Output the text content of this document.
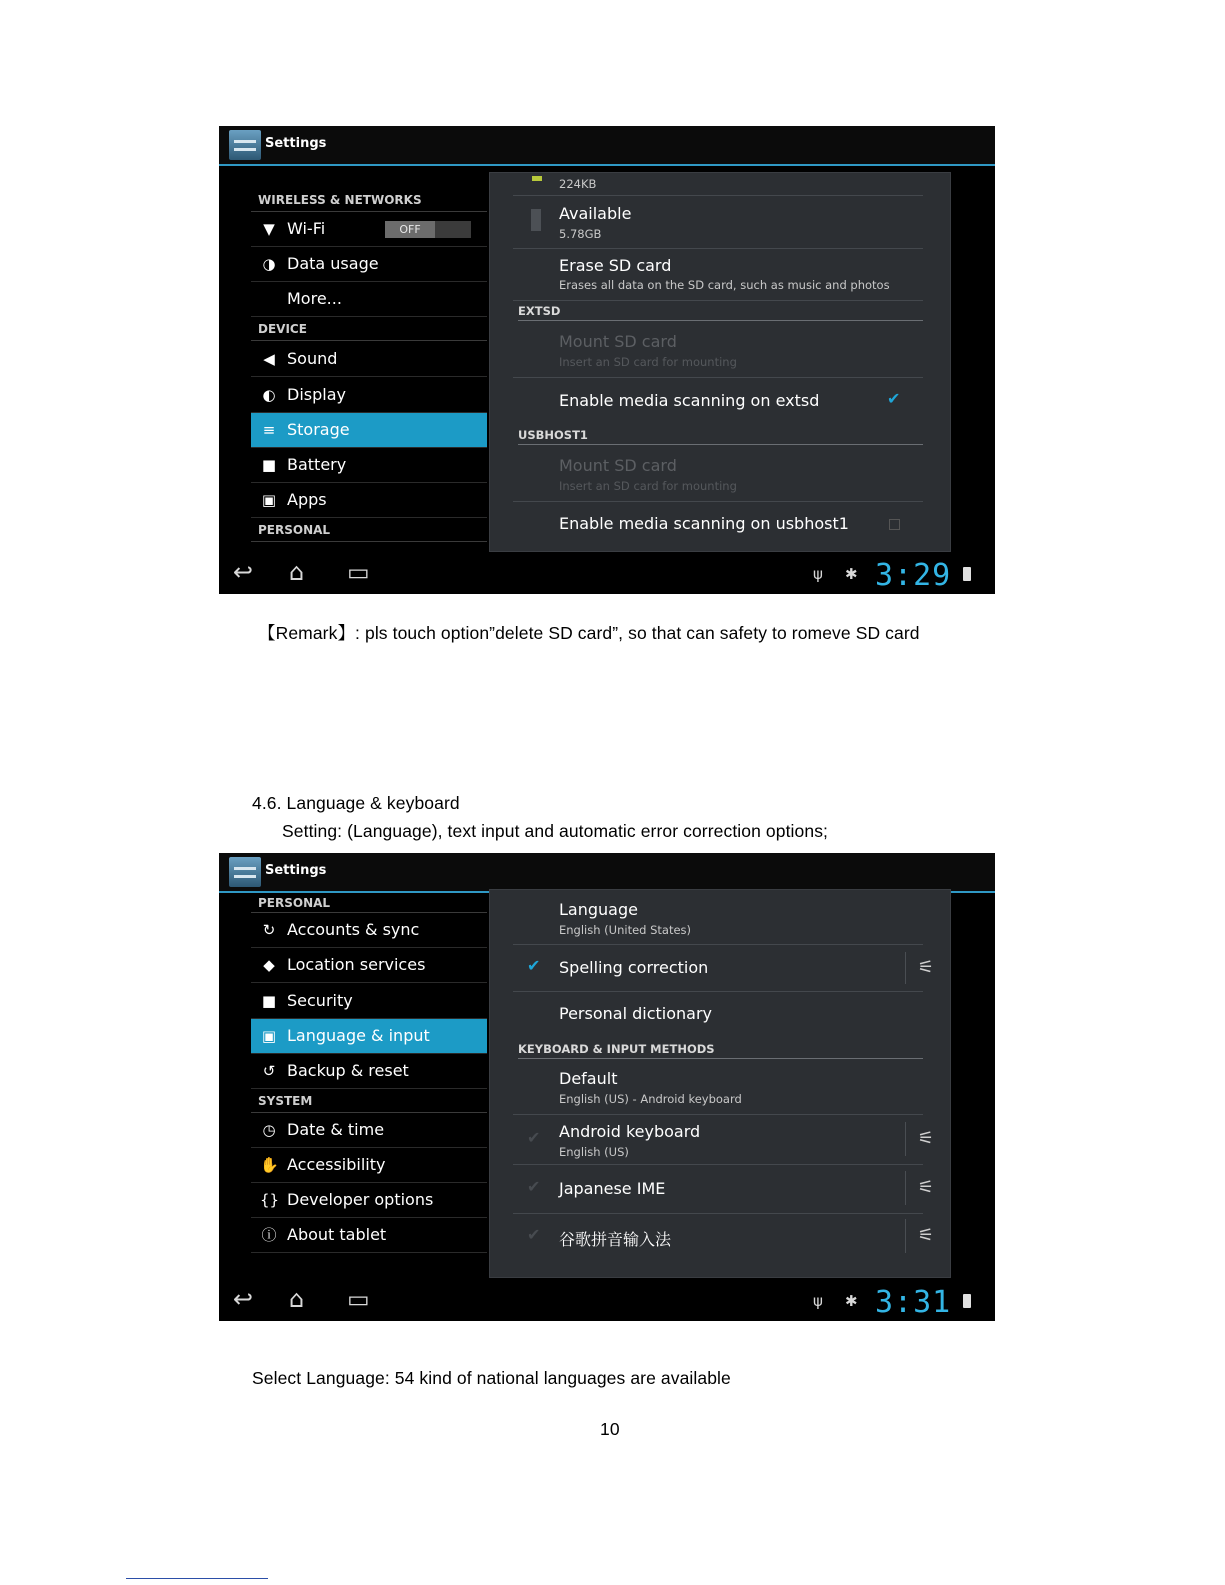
Settings
WIRELESS & NETWORKS
▼ Wi-Fi	OFF
◑ Data usage
More...
DEVICE
◀ Sound
◐ Display
≡ Storage
■ Battery
▣ Apps
PERSONAL
224KB
Available
5.78GB
Erase SD card
Erases all data on the SD card, such as music and photos
EXTSD
Mount SD card
Insert an SD card for mounting
Enable media scanning on extsd	✔
USBHOST1
Mount SD card
Insert an SD card for mounting
Enable media scanning on usbhost1
↩ ⌂ ▭	ψ ✱ 3:29
【Remark】: pls touch option”delete SD card”, so that can safety to romeve SD card
4.6. Language & keyboard
Setting: (Language), text input and automatic error correction options;
Settings
PERSONAL
↻ Accounts & sync
◆ Location services
■ Security
▣ Language & input
↺ Backup & reset
SYSTEM
◷ Date & time
✋ Accessibility
{} Developer options
ⓘ About tablet
Language
English (United States)
✔ Spelling correction	⚟
Personal dictionary
KEYBOARD & INPUT METHODS
Default
English (US) - Android keyboard
✔ Android keyboard
English (US)
⚟
✔ Japanese IME	⚟
✔ 谷歌拼音输入法	⚟
↩ ⌂ ▭	ψ ✱ 3:31
Select Language: 54 kind of national languages are available
10
